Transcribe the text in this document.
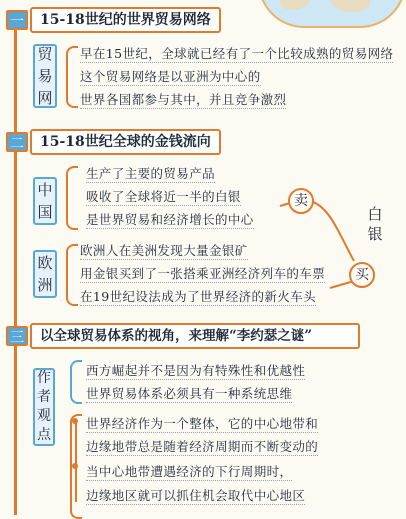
一	15-18世纪的世界贸易网络
贸
易
网
早在15世纪，全球就已经有了一个比较成熟的贸易网络
这个贸易网络是以亚洲为中心的
世界各国都参与其中，并且竞争激烈
二	15-18世纪全球的金钱流向
中
国
生产了主要的贸易产品
吸收了全球将近一半的白银
是世界贸易和经济增长的中心
欧
洲
欧洲人在美洲发现大量金银矿
用金银买到了一张搭乘亚洲经济列车的车票
在19世纪设法成为了世界经济的新火车头
卖
买
白
银
三	以全球贸易体系的视角，来理解“李约瑟之谜”
作
者
观
点
西方崛起并不是因为有特殊性和优越性
世界贸易体系必须具有一种系统思维
世界经济作为一个整体，它的中心地带和
边缘地带总是随着经济周期而不断变动的
当中心地带遭遇经济的下行周期时，
边缘地区就可以抓住机会取代中心地区
